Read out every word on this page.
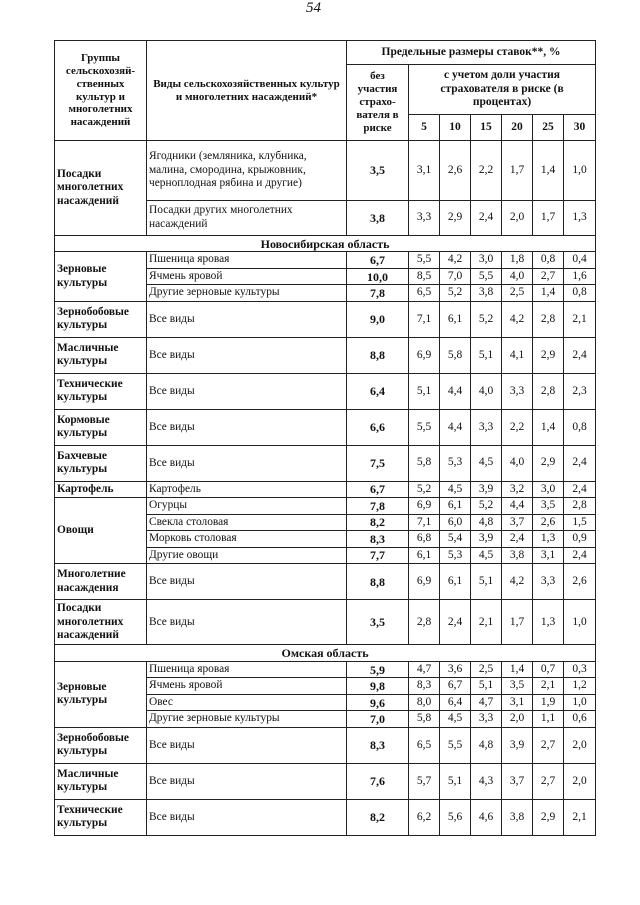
54
Группы сельскохозяй-ственных культур и многолетних насаждений	Виды сельскохозяйственных культур и многолетних насаждений*	Предельные размеры ставок**, %						
		без участия страхо-вателя в риске	с учетом доли участия страхователя в риске (в процентах)					
			5	10	15	20	25	30
Посадки многолетних насаждений	Ягодники (земляника, клубника, малина, смородина, крыжовник, черноплодная рябина и другие)	3,5	3,1	2,6	2,2	1,7	1,4	1,0
	Посадки других многолетних насаждений	3,8	3,3	2,9	2,4	2,0	1,7	1,3
Новосибирская область								
Зерновые культуры	Пшеница яровая	6,7	5,5	4,2	3,0	1,8	0,8	0,4
	Ячмень яровой	10,0	8,5	7,0	5,5	4,0	2,7	1,6
	Другие зерновые культуры	7,8	6,5	5,2	3,8	2,5	1,4	0,8
Зернобобовые культуры	Все виды	9,0	7,1	6,1	5,2	4,2	2,8	2,1
Масличные культуры	Все виды	8,8	6,9	5,8	5,1	4,1	2,9	2,4
Технические культуры	Все виды	6,4	5,1	4,4	4,0	3,3	2,8	2,3
Кормовые культуры	Все виды	6,6	5,5	4,4	3,3	2,2	1,4	0,8
Бахчевые культуры	Все виды	7,5	5,8	5,3	4,5	4,0	2,9	2,4
Картофель	Картофель	6,7	5,2	4,5	3,9	3,2	3,0	2,4
Овощи	Огурцы	7,8	6,9	6,1	5,2	4,4	3,5	2,8
	Свекла столовая	8,2	7,1	6,0	4,8	3,7	2,6	1,5
	Морковь столовая	8,3	6,8	5,4	3,9	2,4	1,3	0,9
	Другие овощи	7,7	6,1	5,3	4,5	3,8	3,1	2,4
Многолетние насаждения	Все виды	8,8	6,9	6,1	5,1	4,2	3,3	2,6
Посадки многолетних насаждений	Все виды	3,5	2,8	2,4	2,1	1,7	1,3	1,0
Омская область								
Зерновые культуры	Пшеница яровая	5,9	4,7	3,6	2,5	1,4	0,7	0,3
	Ячмень яровой	9,8	8,3	6,7	5,1	3,5	2,1	1,2
	Овес	9,6	8,0	6,4	4,7	3,1	1,9	1,0
	Другие зерновые культуры	7,0	5,8	4,5	3,3	2,0	1,1	0,6
Зернобобовые культуры	Все виды	8,3	6,5	5,5	4,8	3,9	2,7	2,0
Масличные культуры	Все виды	7,6	5,7	5,1	4,3	3,7	2,7	2,0
Технические культуры	Все виды	8,2	6,2	5,6	4,6	3,8	2,9	2,1
